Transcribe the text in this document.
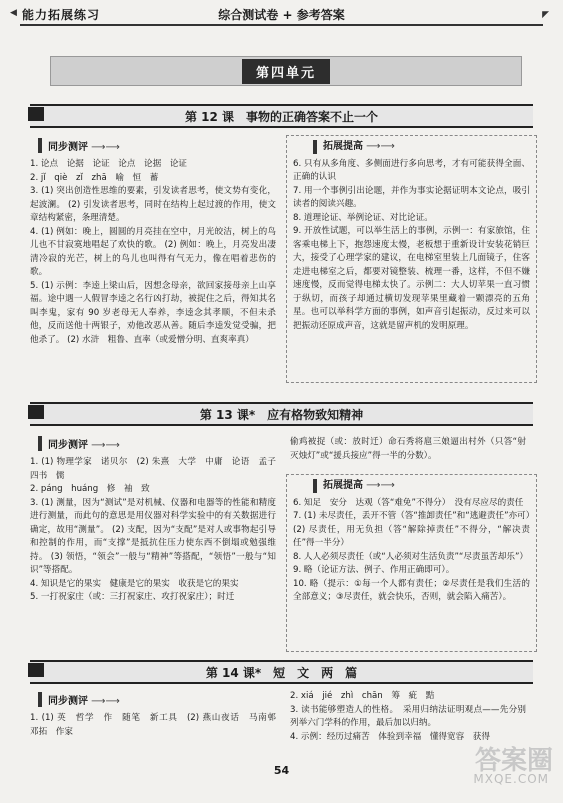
◀ 能力拓展练习	综合测试卷 + 参考答案	◤
第四单元
第 12 课　事物的正确答案不止一个
同步测评 ⟶⟶

1. 论点　论据　论证　论点　论据　论证

2. jǐ　qiè　zǐ　zhā　喻　恒　蓄

3. (1) 突出创造性思维的要素，引发读者思考，使文势有变化，起波澜。 (2) 引发读者思考，同时在结构上起过渡的作用，使文章结构紧密，条理清楚。

4. (1) 例如：晚上，圆圆的月亮挂在空中，月光皎洁，树上的鸟儿也不甘寂寞地唱起了欢快的歌。 (2) 例如：晚上，月亮发出凄清冷寂的光芒，树上的鸟儿也叫得有气无力，像在唱着悲伤的歌。

5. (1) 示例：李逵上梁山后，因想念母亲，欲回家接母亲上山享福。途中遇一人假冒李逵之名行凶打劫，被捉住之后，得知其名叫李鬼，家有 90 岁老母无人奉养，李逵念其孝顺，不但未杀他，反而送他十两银子，劝他改恶从善。随后李逵发觉受骗，把他杀了。 (2) 水浒　粗鲁、直率（或爱憎分明、直爽率真）

拓展提高 ⟶⟶

6. 只有从多角度、多侧面进行多向思考，才有可能获得全面、正确的认识

7. 用一个事例引出论题，并作为事实论据证明本文论点，吸引读者的阅读兴趣。

8. 道理论证、举例论证、对比论证。

9. 开放性试题，可以举生活上的事例，示例一：有家旅馆，住客乘电梯上下，抱怨速度太慢，老板想于重新设计安装花销巨大，接受了心理学家的建议，在电梯室里装上几面镜子，住客走进电梯室之后，都要对镜整装、梳理一番，这样，不但不嫌速度慢，反而觉得电梯太快了。示例二：大人切苹果一直习惯于纵切，而孩子却通过横切发现苹果里藏着一颗漂亮的五角星。也可以举科学方面的事例，如声音引起振动，反过来可以把振动还原成声音，这就是留声机的发明原理。

第 13 课*　应有格物致知精神
同步测评 ⟶⟶

1. (1) 物理学家　诺贝尔　(2) 朱熹　大学　中庸　论语　孟子　四书　儒

2. páng　huáng　修　袖　致

3. (1) 测量，因为“测试”是对机械、仪器和电器等的性能和精度进行测量，而此句的意思是用仪器对科学实验中的有关数据进行确定，故用“测量”。 (2) 支配，因为“支配”是对人或事物起引导和控制的作用，而“支撑”是抵抗住压力使东西不倒塌或勉强维持。 (3) 领悟，“领会”一般与“精神”等搭配，“领悟”一般与“知识”等搭配。

4. 知识是它的果实　健康是它的果实　收获是它的果实

5. 一打祝家庄（或：三打祝家庄、攻打祝家庄）；时迁

偷鸡被捉（或：放时迁）命石秀将扈三娘逼出村外（只答“射灭烛灯”或“援兵接应”得一半的分数）。

拓展提高 ⟶⟶

6. 知足　安分　达观（答“难免”不得分）　没有尽应尽的责任

7. (1) 未尽责任，丢开不管（答“推卸责任”和“逃避责任”亦可）　(2) 尽责任，用无负担（答“解除掉责任”不得分，“解决责任”得一半分）

8. 人人必须尽责任（或“人必须对生活负责”“尽责虽苦却乐”）

9. 略（论证方法、例子、作用正确即可）。

10. 略（提示：①每一个人都有责任；②尽责任是我们生活的全部意义；③尽责任，就会快乐，否则，就会陷入痛苦）。

第 14 课*　短　文　两　篇
同步测评 ⟶⟶

1. (1) 英　哲学　作　随笔　新工具　(2) 燕山夜话　马南邨　邓拓　作家

2. xiá　jié　zhì　chān　筹　疵　黠

3. 读书能够塑造人的性格。　采用归纳法证明观点——先分别列举六门学科的作用，最后加以归纳。

4. 示例：经历过痛苦　体验到幸福　懂得宽容　获得

54	答案圈
MXQE.COM
